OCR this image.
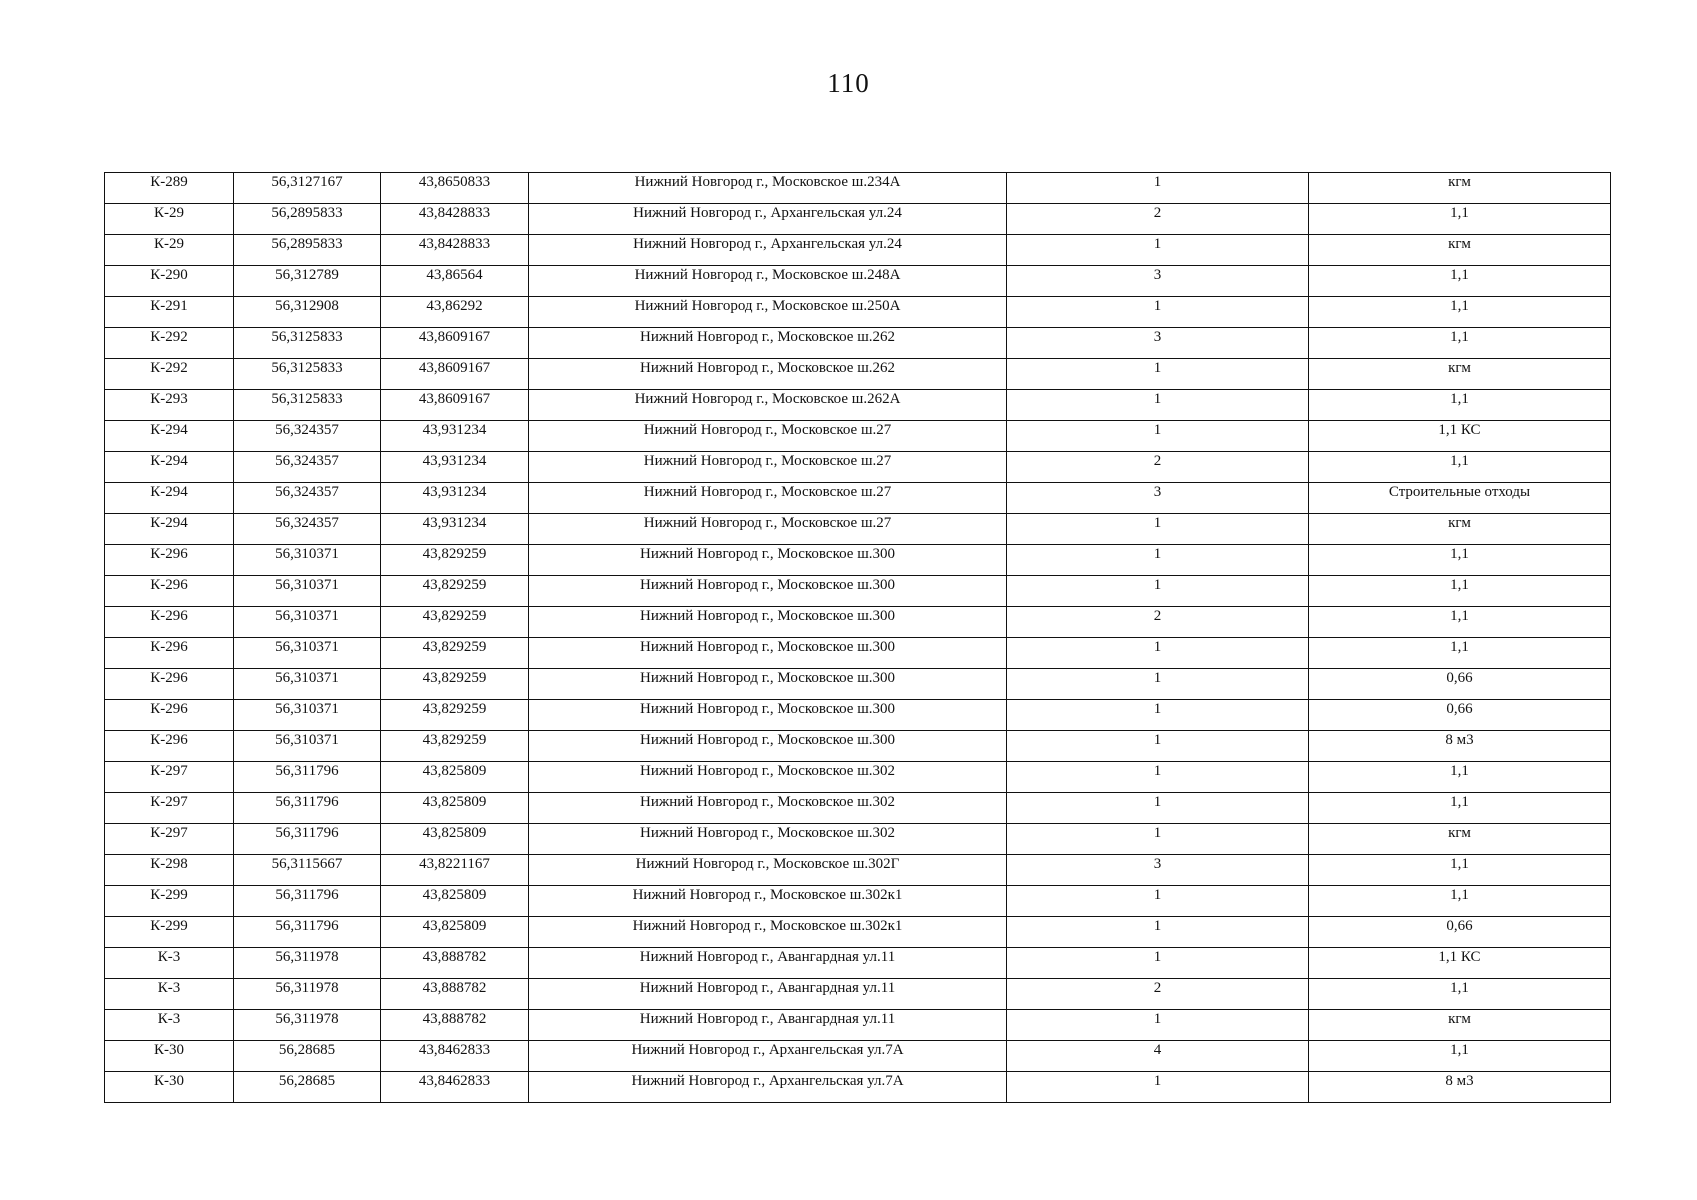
110
К-289	56,3127167	43,8650833	Нижний Новгород г., Московское ш.234А	1	кгм
К-29	56,2895833	43,8428833	Нижний Новгород г., Архангельская ул.24	2	1,1
К-29	56,2895833	43,8428833	Нижний Новгород г., Архангельская ул.24	1	кгм
К-290	56,312789	43,86564	Нижний Новгород г., Московское ш.248А	3	1,1
К-291	56,312908	43,86292	Нижний Новгород г., Московское ш.250А	1	1,1
К-292	56,3125833	43,8609167	Нижний Новгород г., Московское ш.262	3	1,1
К-292	56,3125833	43,8609167	Нижний Новгород г., Московское ш.262	1	кгм
К-293	56,3125833	43,8609167	Нижний Новгород г., Московское ш.262А	1	1,1
К-294	56,324357	43,931234	Нижний Новгород г., Московское ш.27	1	1,1 КС
К-294	56,324357	43,931234	Нижний Новгород г., Московское ш.27	2	1,1
К-294	56,324357	43,931234	Нижний Новгород г., Московское ш.27	3	Строительные отходы
К-294	56,324357	43,931234	Нижний Новгород г., Московское ш.27	1	кгм
К-296	56,310371	43,829259	Нижний Новгород г., Московское ш.300	1	1,1
К-296	56,310371	43,829259	Нижний Новгород г., Московское ш.300	1	1,1
К-296	56,310371	43,829259	Нижний Новгород г., Московское ш.300	2	1,1
К-296	56,310371	43,829259	Нижний Новгород г., Московское ш.300	1	1,1
К-296	56,310371	43,829259	Нижний Новгород г., Московское ш.300	1	0,66
К-296	56,310371	43,829259	Нижний Новгород г., Московское ш.300	1	0,66
К-296	56,310371	43,829259	Нижний Новгород г., Московское ш.300	1	8 м3
К-297	56,311796	43,825809	Нижний Новгород г., Московское ш.302	1	1,1
К-297	56,311796	43,825809	Нижний Новгород г., Московское ш.302	1	1,1
К-297	56,311796	43,825809	Нижний Новгород г., Московское ш.302	1	кгм
К-298	56,3115667	43,8221167	Нижний Новгород г., Московское ш.302Г	3	1,1
К-299	56,311796	43,825809	Нижний Новгород г., Московское ш.302к1	1	1,1
К-299	56,311796	43,825809	Нижний Новгород г., Московское ш.302к1	1	0,66
К-3	56,311978	43,888782	Нижний Новгород г., Авангардная ул.11	1	1,1 КС
К-3	56,311978	43,888782	Нижний Новгород г., Авангардная ул.11	2	1,1
К-3	56,311978	43,888782	Нижний Новгород г., Авангардная ул.11	1	кгм
К-30	56,28685	43,8462833	Нижний Новгород г., Архангельская ул.7А	4	1,1
К-30	56,28685	43,8462833	Нижний Новгород г., Архангельская ул.7А	1	8 м3
